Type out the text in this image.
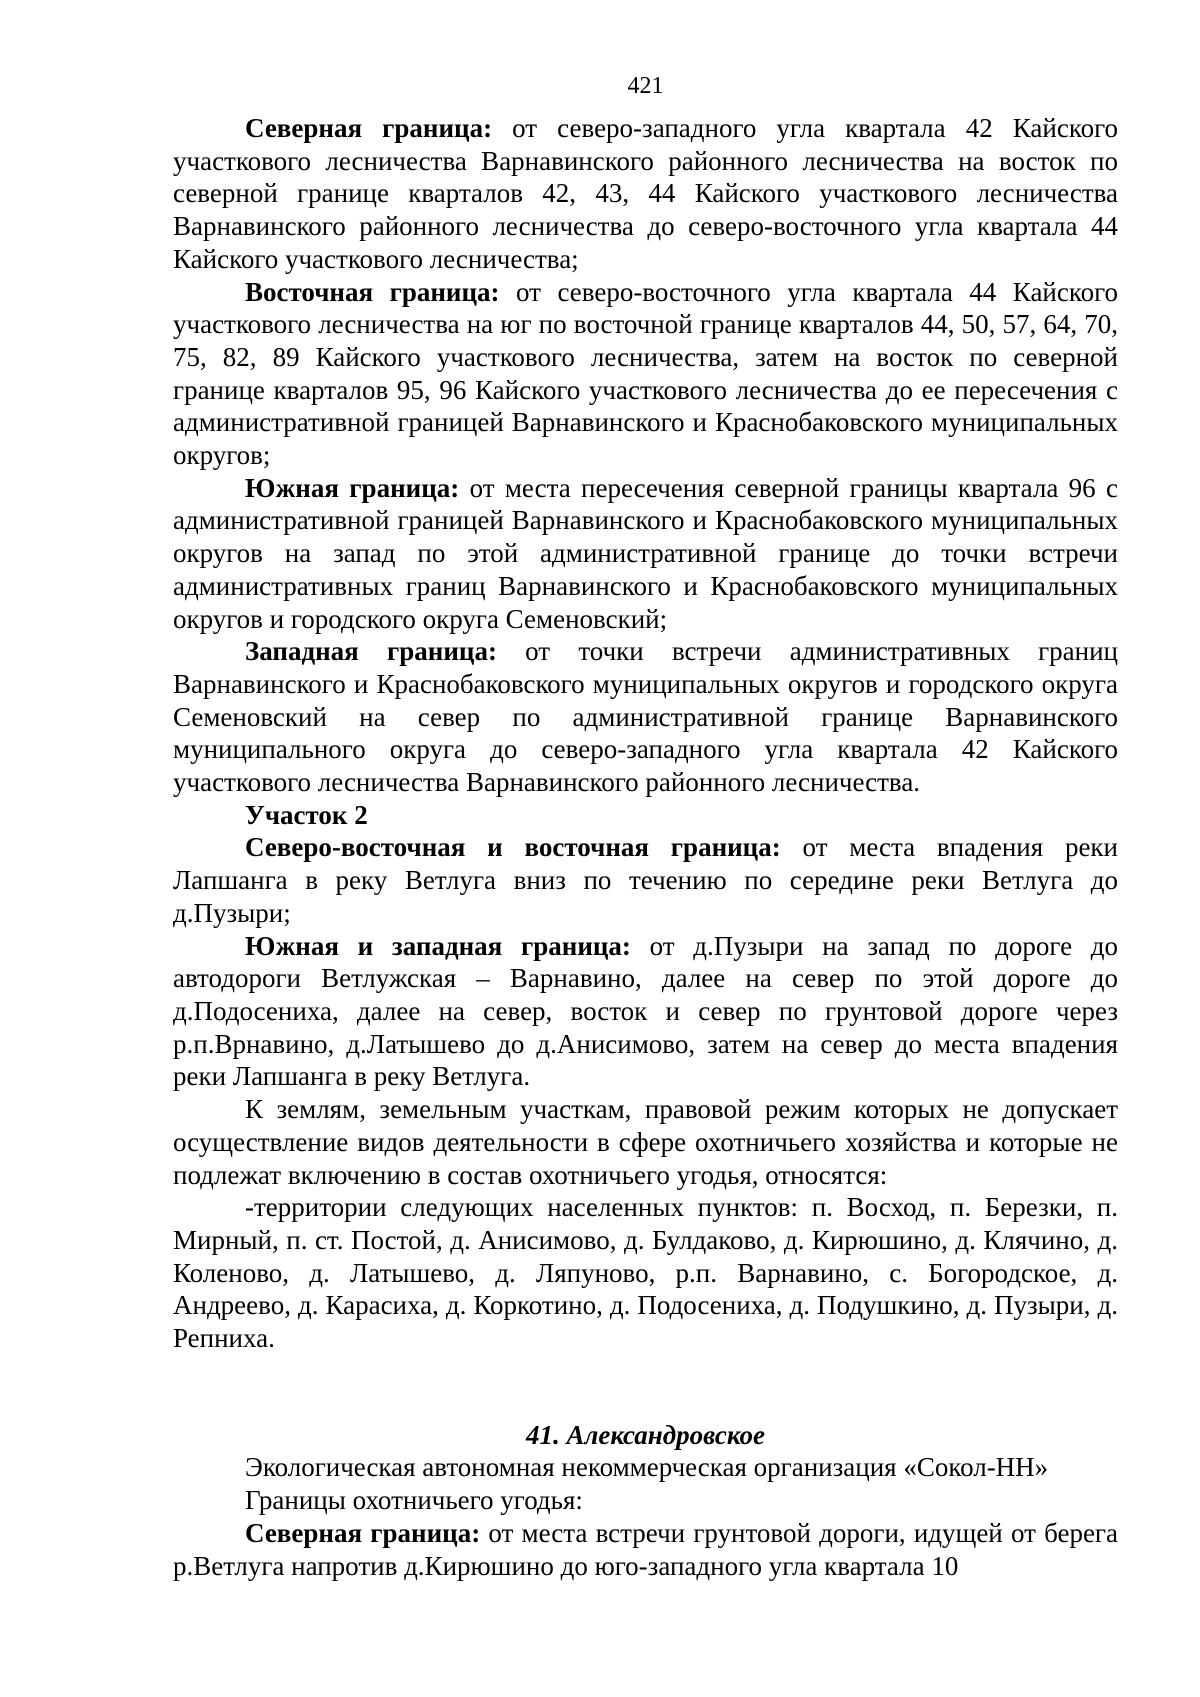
421

Северная граница: от северо-западного угла квартала 42 Кайского участкового лесничества Варнавинского районного лесничества на восток по северной границе кварталов 42, 43, 44 Кайского участкового лесничества Варнавинского районного лесничества до северо-восточного угла квартала 44 Кайского участкового лесничества;

Восточная граница: от северо-восточного угла квартала 44 Кайского участкового лесничества на юг по восточной границе кварталов 44, 50, 57, 64, 70, 75, 82, 89 Кайского участкового лесничества, затем на восток по северной границе кварталов 95, 96 Кайского участкового лесничества до ее пересечения с административной границей Варнавинского и Краснобаковского муниципальных округов;

Южная граница: от места пересечения северной границы квартала 96 с административной границей Варнавинского и Краснобаковского муниципальных округов на запад по этой административной границе до точки встречи административных границ Варнавинского и Краснобаковского муниципальных округов и городского округа Семеновский;

Западная граница: от точки встречи административных границ Варнавинского и Краснобаковского муниципальных округов и городского округа Семеновский на север по административной границе Варнавинского муниципального округа до северо-западного угла квартала 42 Кайского участкового лесничества Варнавинского районного лесничества.

Участок 2

Северо-восточная и восточная граница: от места впадения реки Лапшанга в реку Ветлуга вниз по течению по середине реки Ветлуга до д.Пузыри;

Южная и западная граница: от д.Пузыри на запад по дороге до автодороги Ветлужская – Варнавино, далее на север по этой дороге до д.Подосениха, далее на север, восток и север по грунтовой дороге через р.п.Врнавино, д.Латышево до д.Анисимово, затем на север до места впадения реки Лапшанга в реку Ветлуга.

К землям, земельным участкам, правовой режим которых не допускает осуществление видов деятельности в сфере охотничьего хозяйства и которые не подлежат включению в состав охотничьего угодья, относятся:

-территории следующих населенных пунктов: п. Восход, п. Березки, п. Мирный, п. ст. Постой, д. Анисимово, д. Булдаково, д. Кирюшино, д. Клячино, д. Коленово, д. Латышево, д. Ляпуново, р.п. Варнавино, с. Богородское, д. Андреево, д. Карасиха, д. Коркотино, д. Подосениха, д. Подушкино, д. Пузыри, д. Репниха.

41. Александровское

Экологическая автономная некоммерческая организация «Сокол-НН»

Границы охотничьего угодья:

Северная граница: от места встречи грунтовой дороги, идущей от берега р.Ветлуга напротив д.Кирюшино до юго-западного угла квартала 10
